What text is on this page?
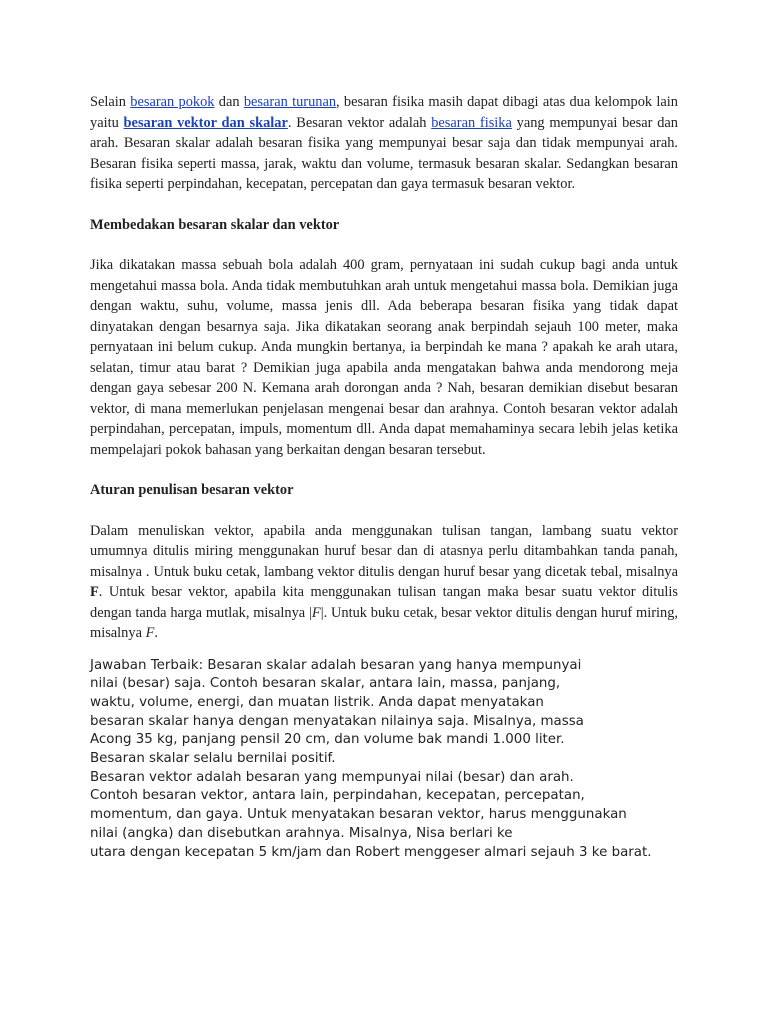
Selain besaran pokok dan besaran turunan, besaran fisika masih dapat dibagi atas dua kelompok lain yaitu besaran vektor dan skalar. Besaran vektor adalah besaran fisika yang mempunyai besar dan arah. Besaran skalar adalah besaran fisika yang mempunyai besar saja dan tidak mempunyai arah. Besaran fisika seperti massa, jarak, waktu dan volume, termasuk besaran skalar. Sedangkan besaran fisika seperti perpindahan, kecepatan, percepatan dan gaya termasuk besaran vektor.

Membedakan besaran skalar dan vektor

Jika dikatakan massa sebuah bola adalah 400 gram, pernyataan ini sudah cukup bagi anda untuk mengetahui massa bola. Anda tidak membutuhkan arah untuk mengetahui massa bola. Demikian juga dengan waktu, suhu, volume, massa jenis dll. Ada beberapa besaran fisika yang tidak dapat dinyatakan dengan besarnya saja. Jika dikatakan seorang anak berpindah sejauh 100 meter, maka pernyataan ini belum cukup. Anda mungkin bertanya, ia berpindah ke mana ? apakah ke arah utara, selatan, timur atau barat ? Demikian juga apabila anda mengatakan bahwa anda mendorong meja dengan gaya sebesar 200 N. Kemana arah dorongan anda ? Nah, besaran demikian disebut besaran vektor, di mana memerlukan penjelasan mengenai besar dan arahnya. Contoh besaran vektor adalah perpindahan, percepatan, impuls, momentum dll. Anda dapat memahaminya secara lebih jelas ketika mempelajari pokok bahasan yang berkaitan dengan besaran tersebut.

Aturan penulisan besaran vektor

Dalam menuliskan vektor, apabila anda menggunakan tulisan tangan, lambang suatu vektor umumnya ditulis miring menggunakan huruf besar dan di atasnya perlu ditambahkan tanda panah, misalnya . Untuk buku cetak, lambang vektor ditulis dengan huruf besar yang dicetak tebal, misalnya F. Untuk besar vektor, apabila kita menggunakan tulisan tangan maka besar suatu vektor ditulis dengan tanda harga mutlak, misalnya |F|. Untuk buku cetak, besar vektor ditulis dengan huruf miring, misalnya F.

Jawaban Terbaik: Besaran skalar adalah besaran yang hanya mempunyai
nilai (besar) saja. Contoh besaran skalar, antara lain, massa, panjang,
waktu, volume, energi, dan muatan listrik. Anda dapat menyatakan
besaran skalar hanya dengan menyatakan nilainya saja. Misalnya, massa
Acong 35 kg, panjang pensil 20 cm, dan volume bak mandi 1.000 liter.
Besaran skalar selalu bernilai positif.
Besaran vektor adalah besaran yang mempunyai nilai (besar) dan arah.
Contoh besaran vektor, antara lain, perpindahan, kecepatan, percepatan,
momentum, dan gaya. Untuk menyatakan besaran vektor, harus menggunakan
nilai (angka) dan disebutkan arahnya. Misalnya, Nisa berlari ke
utara dengan kecepatan 5 km/jam dan Robert menggeser almari sejauh 3 ke barat.
